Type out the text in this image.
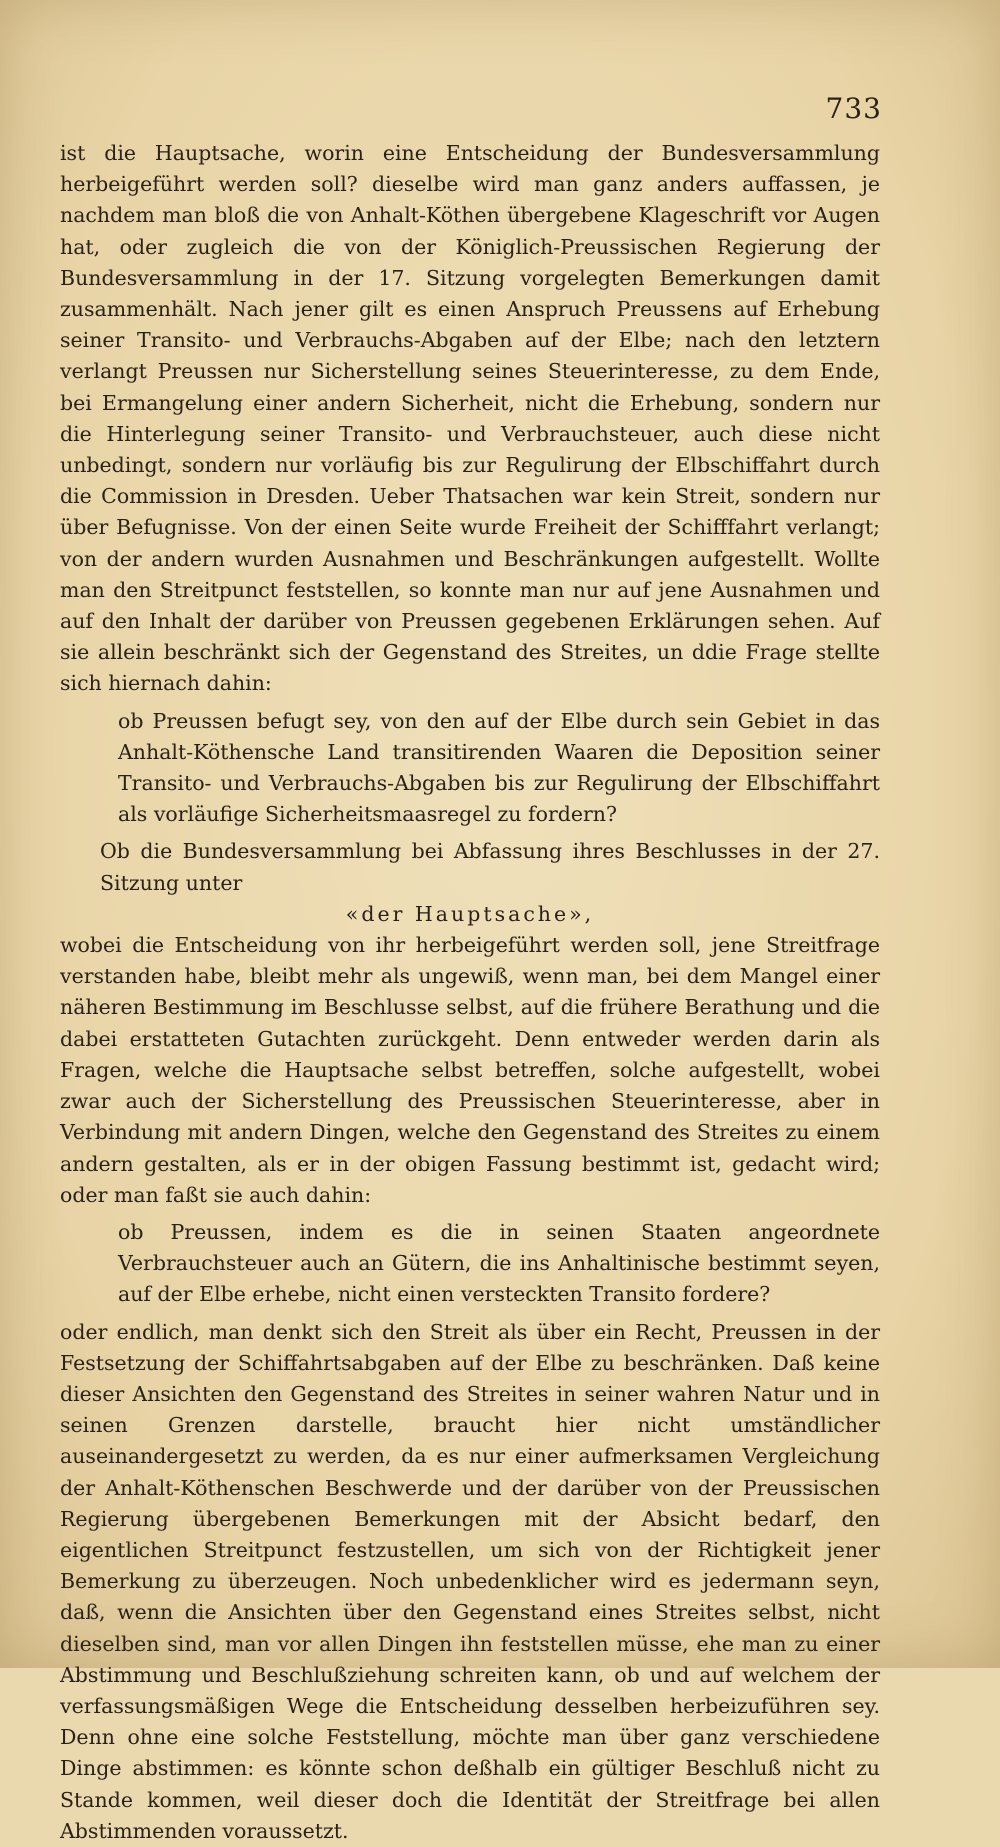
733

ist die Hauptsache, worin eine Entscheidung der Bundesversammlung herbeigeführt werden soll? dieselbe wird man ganz anders auffassen, je nachdem man bloß die von Anhalt-Köthen übergebene Klageschrift vor Augen hat, oder zugleich die von der Königlich-Preussischen Regierung der Bundesversammlung in der 17. Sitzung vorgelegten Bemerkungen damit zusammenhält. Nach jener gilt es einen Anspruch Preussens auf Erhebung seiner Transito- und Verbrauchs-Abgaben auf der Elbe; nach den letztern verlangt Preussen nur Sicherstellung seines Steuerinteresse, zu dem Ende, bei Ermangelung einer andern Sicherheit, nicht die Erhebung, sondern nur die Hinterlegung seiner Transito- und Verbrauchsteuer, auch diese nicht unbedingt, sondern nur vorläufig bis zur Regulirung der Elbschiffahrt durch die Commission in Dresden. Ueber Thatsachen war kein Streit, sondern nur über Befugnisse. Von der einen Seite wurde Freiheit der Schifffahrt verlangt; von der andern wurden Ausnahmen und Beschränkungen aufgestellt. Wollte man den Streitpunct feststellen, so konnte man nur auf jene Ausnahmen und auf den Inhalt der darüber von Preussen gegebenen Erklärungen sehen. Auf sie allein beschränkt sich der Gegenstand des Streites, un ddie Frage stellte sich hiernach dahin:

ob Preussen befugt sey, von den auf der Elbe durch sein Gebiet in das Anhalt-Köthensche Land transitirenden Waaren die Deposition seiner Transito- und Verbrauchs-Abgaben bis zur Regulirung der Elbschiffahrt als vorläufige Sicherheitsmaasregel zu fordern?

Ob die Bundesversammlung bei Abfassung ihres Beschlusses in der 27. Sitzung unter

«der Hauptsache»,

wobei die Entscheidung von ihr herbeigeführt werden soll, jene Streitfrage verstanden habe, bleibt mehr als ungewiß, wenn man, bei dem Mangel einer näheren Bestimmung im Beschlusse selbst, auf die frühere Berathung und die dabei erstatteten Gutachten zurückgeht. Denn entweder werden darin als Fragen, welche die Hauptsache selbst betreffen, solche aufgestellt, wobei zwar auch der Sicherstellung des Preussischen Steuerinteresse, aber in Verbindung mit andern Dingen, welche den Gegenstand des Streites zu einem andern gestalten, als er in der obigen Fassung bestimmt ist, gedacht wird; oder man faßt sie auch dahin:

ob Preussen, indem es die in seinen Staaten angeordnete Verbrauchsteuer auch an Gütern, die ins Anhaltinische bestimmt seyen, auf der Elbe erhebe, nicht einen versteckten Transito fordere?

oder endlich, man denkt sich den Streit als über ein Recht, Preussen in der Festsetzung der Schiffahrtsabgaben auf der Elbe zu beschränken. Daß keine dieser Ansichten den Gegenstand des Streites in seiner wahren Natur und in seinen Grenzen darstelle, braucht hier nicht umständlicher auseinandergesetzt zu werden, da es nur einer aufmerksamen Vergleichung der Anhalt-Köthenschen Beschwerde und der darüber von der Preussischen Regierung übergebenen Bemerkungen mit der Absicht bedarf, den eigentlichen Streitpunct festzustellen, um sich von der Richtigkeit jener Bemerkung zu überzeugen. Noch unbedenklicher wird es jedermann seyn, daß, wenn die Ansichten über den Gegenstand eines Streites selbst, nicht dieselben sind, man vor allen Dingen ihn feststellen müsse, ehe man zu einer Abstimmung und Beschlußziehung schreiten kann, ob und auf welchem der verfassungsmäßigen Wege die Entscheidung desselben herbeizuführen sey. Denn ohne eine solche Feststellung, möchte man über ganz verschiedene Dinge abstimmen: es könnte schon deßhalb ein gültiger Beschluß nicht zu Stande kommen, weil dieser doch die Identität der Streitfrage bei allen Abstimmenden voraussetzt.
